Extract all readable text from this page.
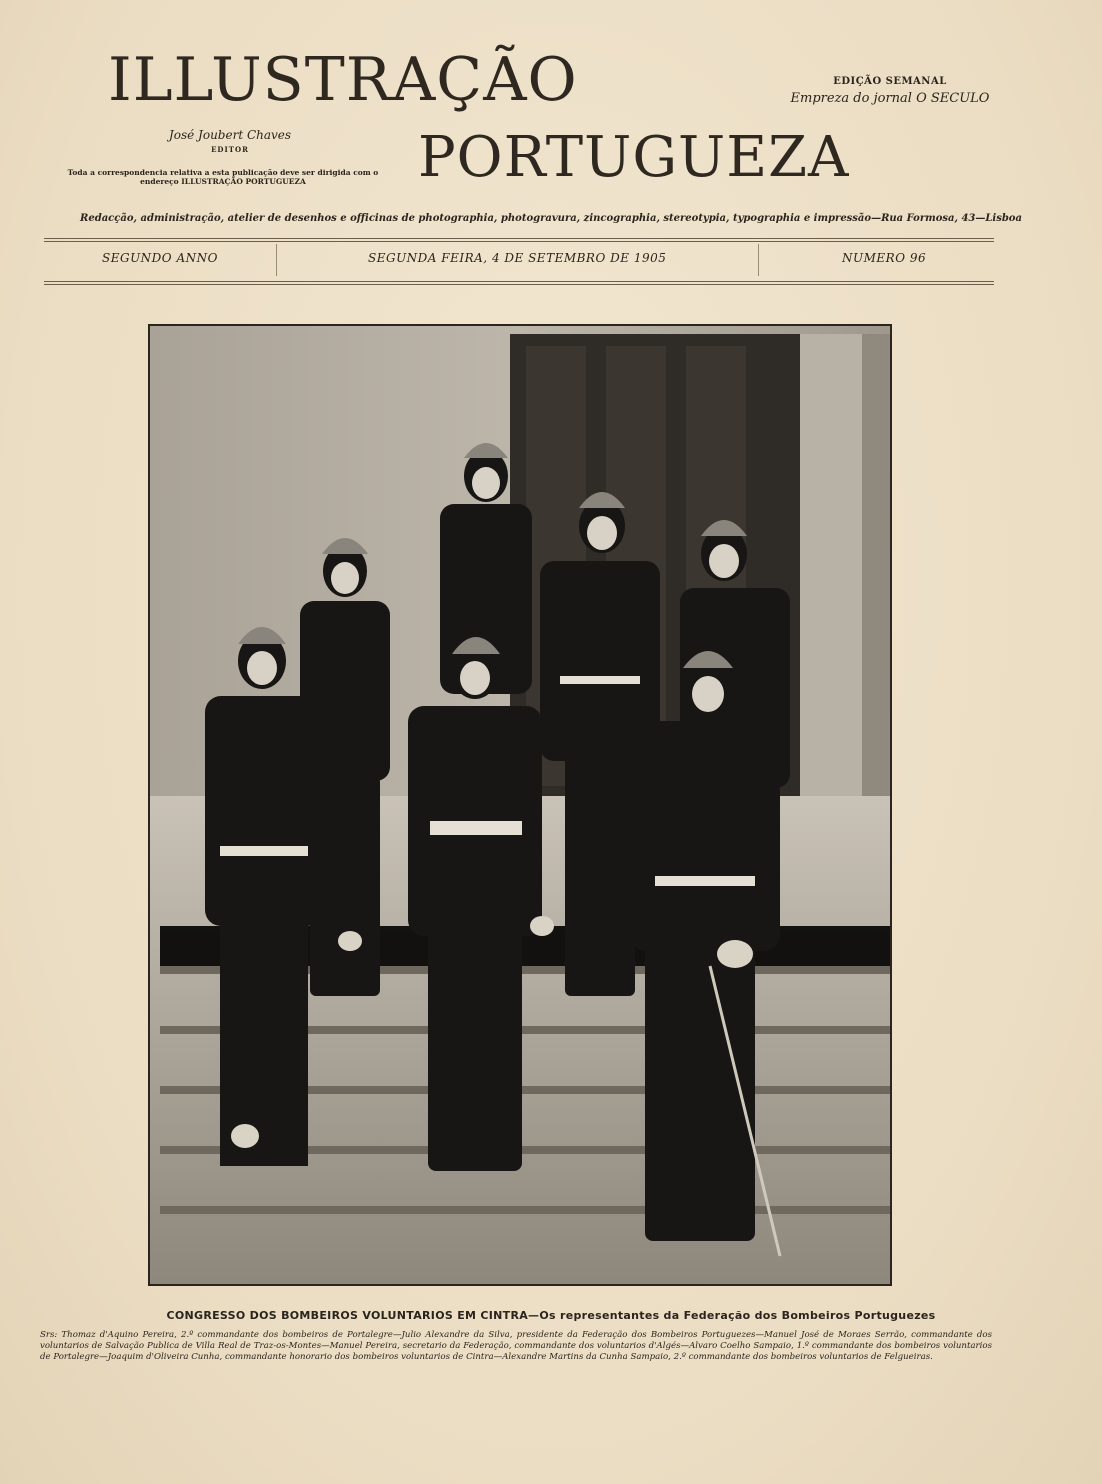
ILLUSTRAÇÃO
PORTUGUEZA
José Joubert Chaves
EDITOR
Toda a correspondencia relativa a esta publicação deve ser dirigida com o endereço ILLUSTRAÇÃO PORTUGUEZA
EDIÇÃO SEMANAL
Empreza do jornal O SECULO
Redacção, administração, atelier de desenhos e officinas de photographia, photogravura, zincographia, stereotypia, typographia e impressão—Rua Formosa, 43—Lisboa
SEGUNDO ANNO	SEGUNDA FEIRA, 4 DE SETEMBRO DE 1905	NUMERO 96
CONGRESSO DOS BOMBEIROS VOLUNTARIOS EM CINTRA—Os representantes da Federação dos Bombeiros Portuguezes
Srs: Thomaz d'Aquino Pereira, 2.º commandante dos bombeiros de Portalegre—Julio Alexandre da Silva, presidente da Federação dos Bombeiros Portuguezes—Manuel José de Moraes Serrão, commandante dos voluntarios de Salvação Publica de Villa Real de Traz-os-Montes—Manuel Pereira, secretario da Federação, commandante dos voluntarios d'Algés—Alvaro Coelho Sampaio, 1.º commandante dos bombeiros voluntarios de Portalegre—Joaquim d'Oliveira Cunha, commandante honorario dos bombeiros voluntarios de Cintra—Alexandre Martins da Cunha Sampaio, 2.º commandante dos bombeiros voluntarios de Felgueiras.
